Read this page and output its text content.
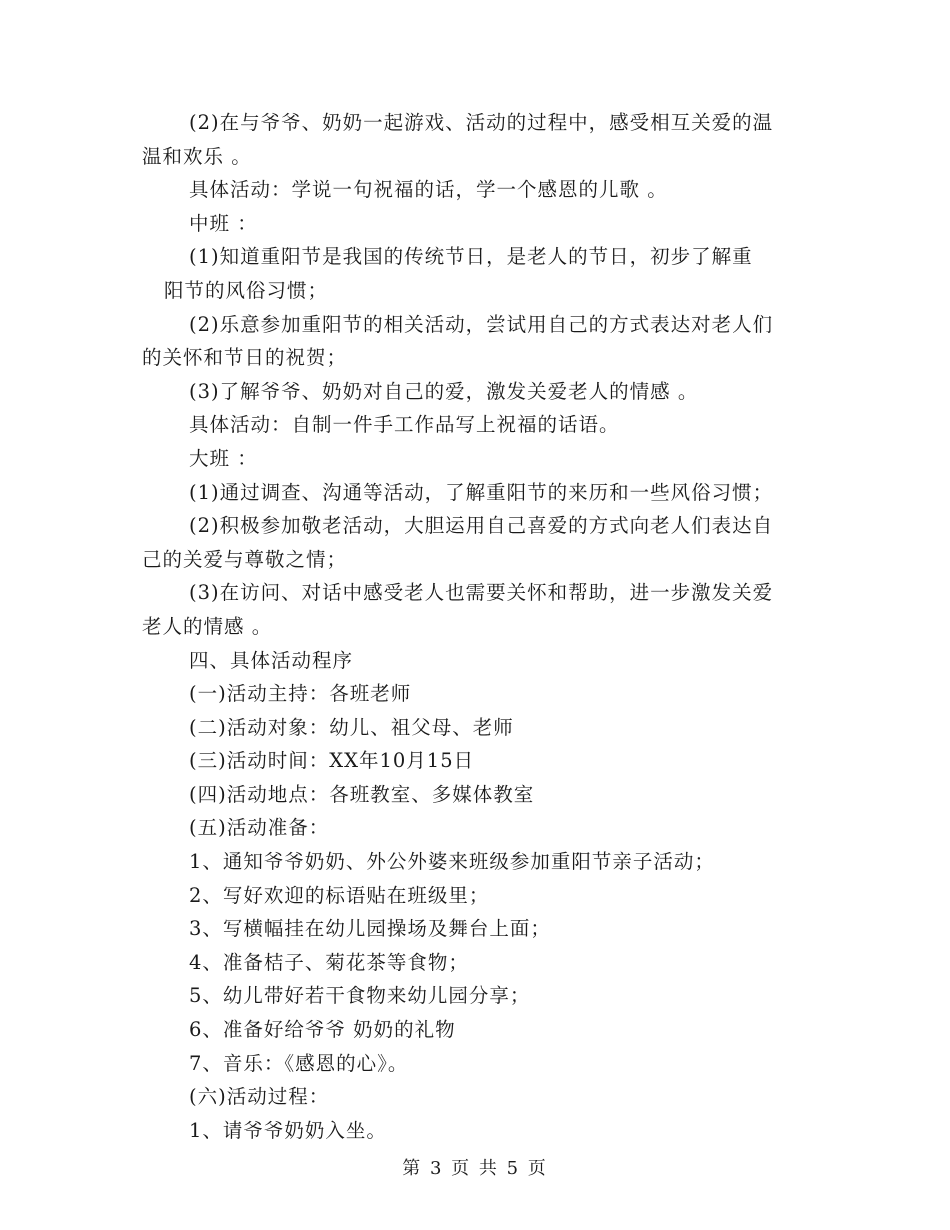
(2)在与爷爷、奶奶一起游戏、活动的过程中，感受相互关爱的温
温和欢乐 。
具体活动：学说一句祝福的话，学一个感恩的儿歌 。
中班 ：
(1)知道重阳节是我国的传统节日，是老人的节日，初步了解重
阳节的风俗习惯；
(2)乐意参加重阳节的相关活动，尝试用自己的方式表达对老人们
的关怀和节日的祝贺；
(3)了解爷爷、奶奶对自己的爱，激发关爱老人的情感 。
具体活动：自制一件手工作品写上祝福的话语。
大班 ：
(1)通过调查、沟通等活动，了解重阳节的来历和一些风俗习惯；
(2)积极参加敬老活动，大胆运用自己喜爱的方式向老人们表达自
己的关爱与尊敬之情；
(3)在访问、对话中感受老人也需要关怀和帮助，进一步激发关爱
老人的情感 。
四、具体活动程序
(一)活动主持：各班老师
(二)活动对象：幼儿、祖父母、老师
(三)活动时间：XX年10月15日
(四)活动地点：各班教室、多媒体教室
(五)活动准备：
1、通知爷爷奶奶、外公外婆来班级参加重阳节亲子活动；
2、写好欢迎的标语贴在班级里；
3、写横幅挂在幼儿园操场及舞台上面；
4、准备桔子、菊花茶等食物；
5、幼儿带好若干食物来幼儿园分享；
6、准备好给爷爷 奶奶的礼物
7、音乐：《感恩的心》。
(六)活动过程：
1、请爷爷奶奶入坐。
第 3 页 共 5 页
